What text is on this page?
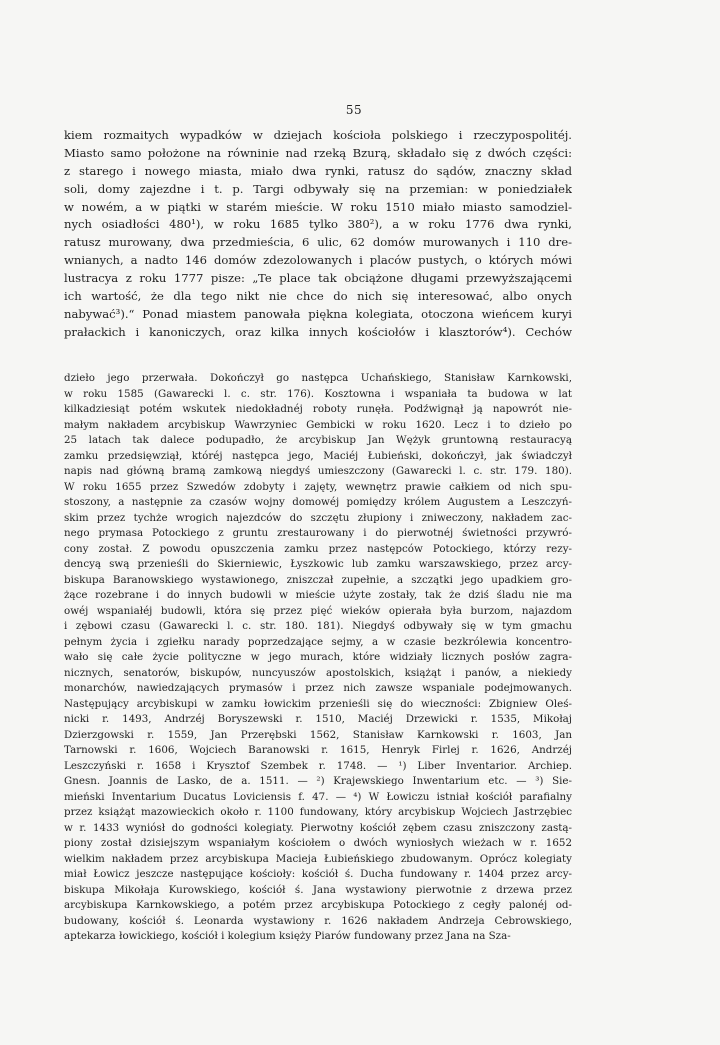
55
kiem rozmaitych wypadków w dziejach kościoła polskiego i rzeczypospolitéj.
Miasto samo położone na równinie nad rzeką Bzurą, składało się z dwóch części:
z starego i nowego miasta, miało dwa rynki, ratusz do sądów, znaczny skład
soli, domy zajezdne i t. p. Targi odbywały się na przemian: w poniedziałek
w nowém, a w piątki w starém mieście. W roku 1510 miało miasto samodziel-
nych osiadłości 480¹), w roku 1685 tylko 380²), a w roku 1776 dwa rynki,
ratusz murowany, dwa przedmieścia, 6 ulic, 62 domów murowanych i 110 dre-
wnianych, a nadto 146 domów zdezolowanych i placów pustych, o których mówi
lustracya z roku 1777 pisze: „Te place tak obciążone długami przewyższającemi
ich wartość, że dla tego nikt nie chce do nich się interesować, albo onych
nabywać³).“ Ponad miastem panowała piękna kolegiata, otoczona wieńcem kuryi
prałackich i kanoniczych, oraz kilka innych kościołów i klasztorów⁴). Cechów
dzieło jego przerwała. Dokończył go następca Uchańskiego, Stanisław Karnkowski,
w roku 1585 (Gawarecki l. c. str. 176). Kosztowna i wspaniała ta budowa w lat
kilkadziesiąt potém wskutek niedokładnéj roboty runęła. Podźwignął ją napowrót nie-
małym nakładem arcybiskup Wawrzyniec Gembicki w roku 1620. Lecz i to dzieło po
25 latach tak dalece podupadło, że arcybiskup Jan Wężyk gruntowną restauracyą
zamku przedsięwziął, któréj następca jego, Maciéj Łubieński, dokończył, jak świadczył
napis nad główną bramą zamkową niegdyś umieszczony (Gawarecki l. c. str. 179. 180).
W roku 1655 przez Szwedów zdobyty i zajęty, wewnętrz prawie całkiem od nich spu-
stoszony, a następnie za czasów wojny domowéj pomiędzy królem Augustem a Leszczyń-
skim przez tychże wrogich najezdców do szczętu złupiony i zniweczony, nakładem zac-
nego prymasa Potockiego z gruntu zrestaurowany i do pierwotnéj świetności przywró-
cony został. Z powodu opuszczenia zamku przez następców Potockiego, którzy rezy-
dencyą swą przenieśli do Skierniewic, Łyszkowic lub zamku warszawskiego, przez arcy-
biskupa Baranowskiego wystawionego, zniszczał zupełnie, a szczątki jego upadkiem gro-
żące rozebrane i do innych budowli w mieście użyte zostały, tak że dziś śladu nie ma
owéj wspaniałéj budowli, która się przez pięć wieków opierała była burzom, najazdom
i zębowi czasu (Gawarecki l. c. str. 180. 181). Niegdyś odbywały się w tym gmachu
pełnym życia i zgiełku narady poprzedzające sejmy, a w czasie bezkrólewia koncentro-
wało się całe życie polityczne w jego murach, które widziały licznych posłów zagra-
nicznych, senatorów, biskupów, nuncyuszów apostolskich, książąt i panów, a niekiedy
monarchów, nawiedzających prymasów i przez nich zawsze wspaniale podejmowanych.
Następujący arcybiskupi w zamku łowickim przenieśli się do wieczności: Zbigniew Oleś-
nicki r. 1493, Andrzéj Boryszewski r. 1510, Maciéj Drzewicki r. 1535, Mikołaj
Dzierzgowski r. 1559, Jan Przerębski 1562, Stanisław Karnkowski r. 1603, Jan
Tarnowski r. 1606, Wojciech Baranowski r. 1615, Henryk Firlej r. 1626, Andrzéj
Leszczyński r. 1658 i Krysztof Szembek r. 1748. — ¹) Liber Inventarior. Archiep.
Gnesn. Joannis de Lasko, de a. 1511. — ²) Krajewskiego Inwentarium etc. — ³) Sie-
mieński Inventarium Ducatus Loviciensis f. 47. — ⁴) W Łowiczu istniał kościół parafialny
przez książąt mazowieckich około r. 1100 fundowany, który arcybiskup Wojciech Jastrzębiec
w r. 1433 wyniósł do godności kolegiaty. Pierwotny kościół zębem czasu zniszczony zastą-
piony został dzisiejszym wspaniałym kościołem o dwóch wyniosłych wieżach w r. 1652
wielkim nakładem przez arcybiskupa Macieja Łubieńskiego zbudowanym. Oprócz kolegiaty
miał Łowicz jeszcze następujące kościoły: kościół ś. Ducha fundowany r. 1404 przez arcy-
biskupa Mikołaja Kurowskiego, kościół ś. Jana wystawiony pierwotnie z drzewa przez
arcybiskupa Karnkowskiego, a potém przez arcybiskupa Potockiego z cegły palonéj od-
budowany, kościół ś. Leonarda wystawiony r. 1626 nakładem Andrzeja Cebrowskiego,
aptekarza łowickiego, kościół i kolegium księży Piarów fundowany przez Jana na Sza-
